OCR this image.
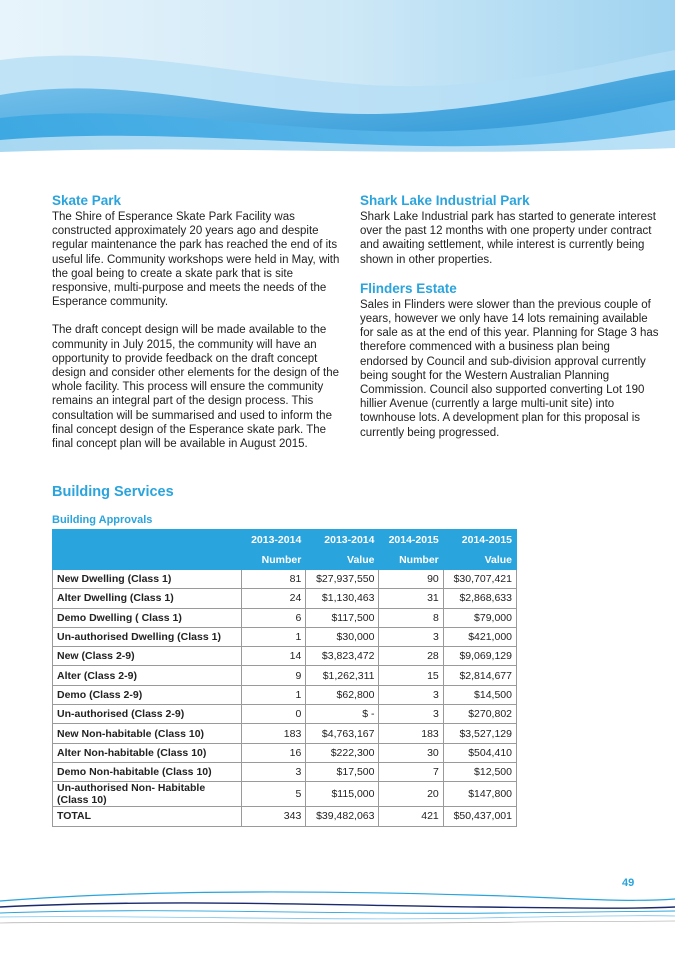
Skate Park

The Shire of Esperance Skate Park Facility was constructed approximately 20 years ago and despite regular maintenance the park has reached the end of its useful life. Community workshops were held in May, with the goal being to create a skate park that is site responsive, multi-purpose and meets the needs of the Esperance community.

The draft concept design will be made available to the community in July 2015, the community will have an opportunity to provide feedback on the draft concept design and consider other elements for the design of the whole facility. This process will ensure the community remains an integral part of the design process. This consultation will be summarised and used to inform the final concept design of the Esperance skate park. The final concept plan will be available in August 2015.

Shark Lake Industrial Park

Shark Lake Industrial park has started to generate interest over the past 12 months with one property under contract and awaiting settlement, while interest is currently being shown in other properties.

Flinders Estate

Sales in Flinders were slower than the previous couple of years, however we only have 14 lots remaining available for sale as at the end of this year. Planning for Stage 3 has therefore commenced with a business plan being endorsed by Council and sub-division approval currently being sought for the Western Australian Planning Commission. Council also supported converting Lot 190 hillier Avenue (currently a large multi-unit site) into townhouse lots. A development plan for this proposal is currently being progressed.

Building Services
Building Approvals
	2013-2014	2013-2014	2014-2015	2014-2015
	Number	Value	Number	Value
New Dwelling (Class 1)	81	$27,937,550	90	$30,707,421
Alter Dwelling (Class 1)	24	$1,130,463	31	$2,868,633
Demo Dwelling ( Class 1)	6	$117,500	8	$79,000
Un-authorised Dwelling (Class 1)	1	$30,000	3	$421,000
New (Class 2-9)	14	$3,823,472	28	$9,069,129
Alter (Class 2-9)	9	$1,262,311	15	$2,814,677
Demo (Class 2-9)	1	$62,800	3	$14,500
Un-authorised (Class 2-9)	0	$ -	3	$270,802
New Non-habitable (Class 10)	183	$4,763,167	183	$3,527,129
Alter Non-habitable (Class 10)	16	$222,300	30	$504,410
Demo Non-habitable (Class 10)	3	$17,500	7	$12,500
Un-authorised Non- Habitable (Class 10)	5	$115,000	20	$147,800
TOTAL	343	$39,482,063	421	$50,437,001
49
